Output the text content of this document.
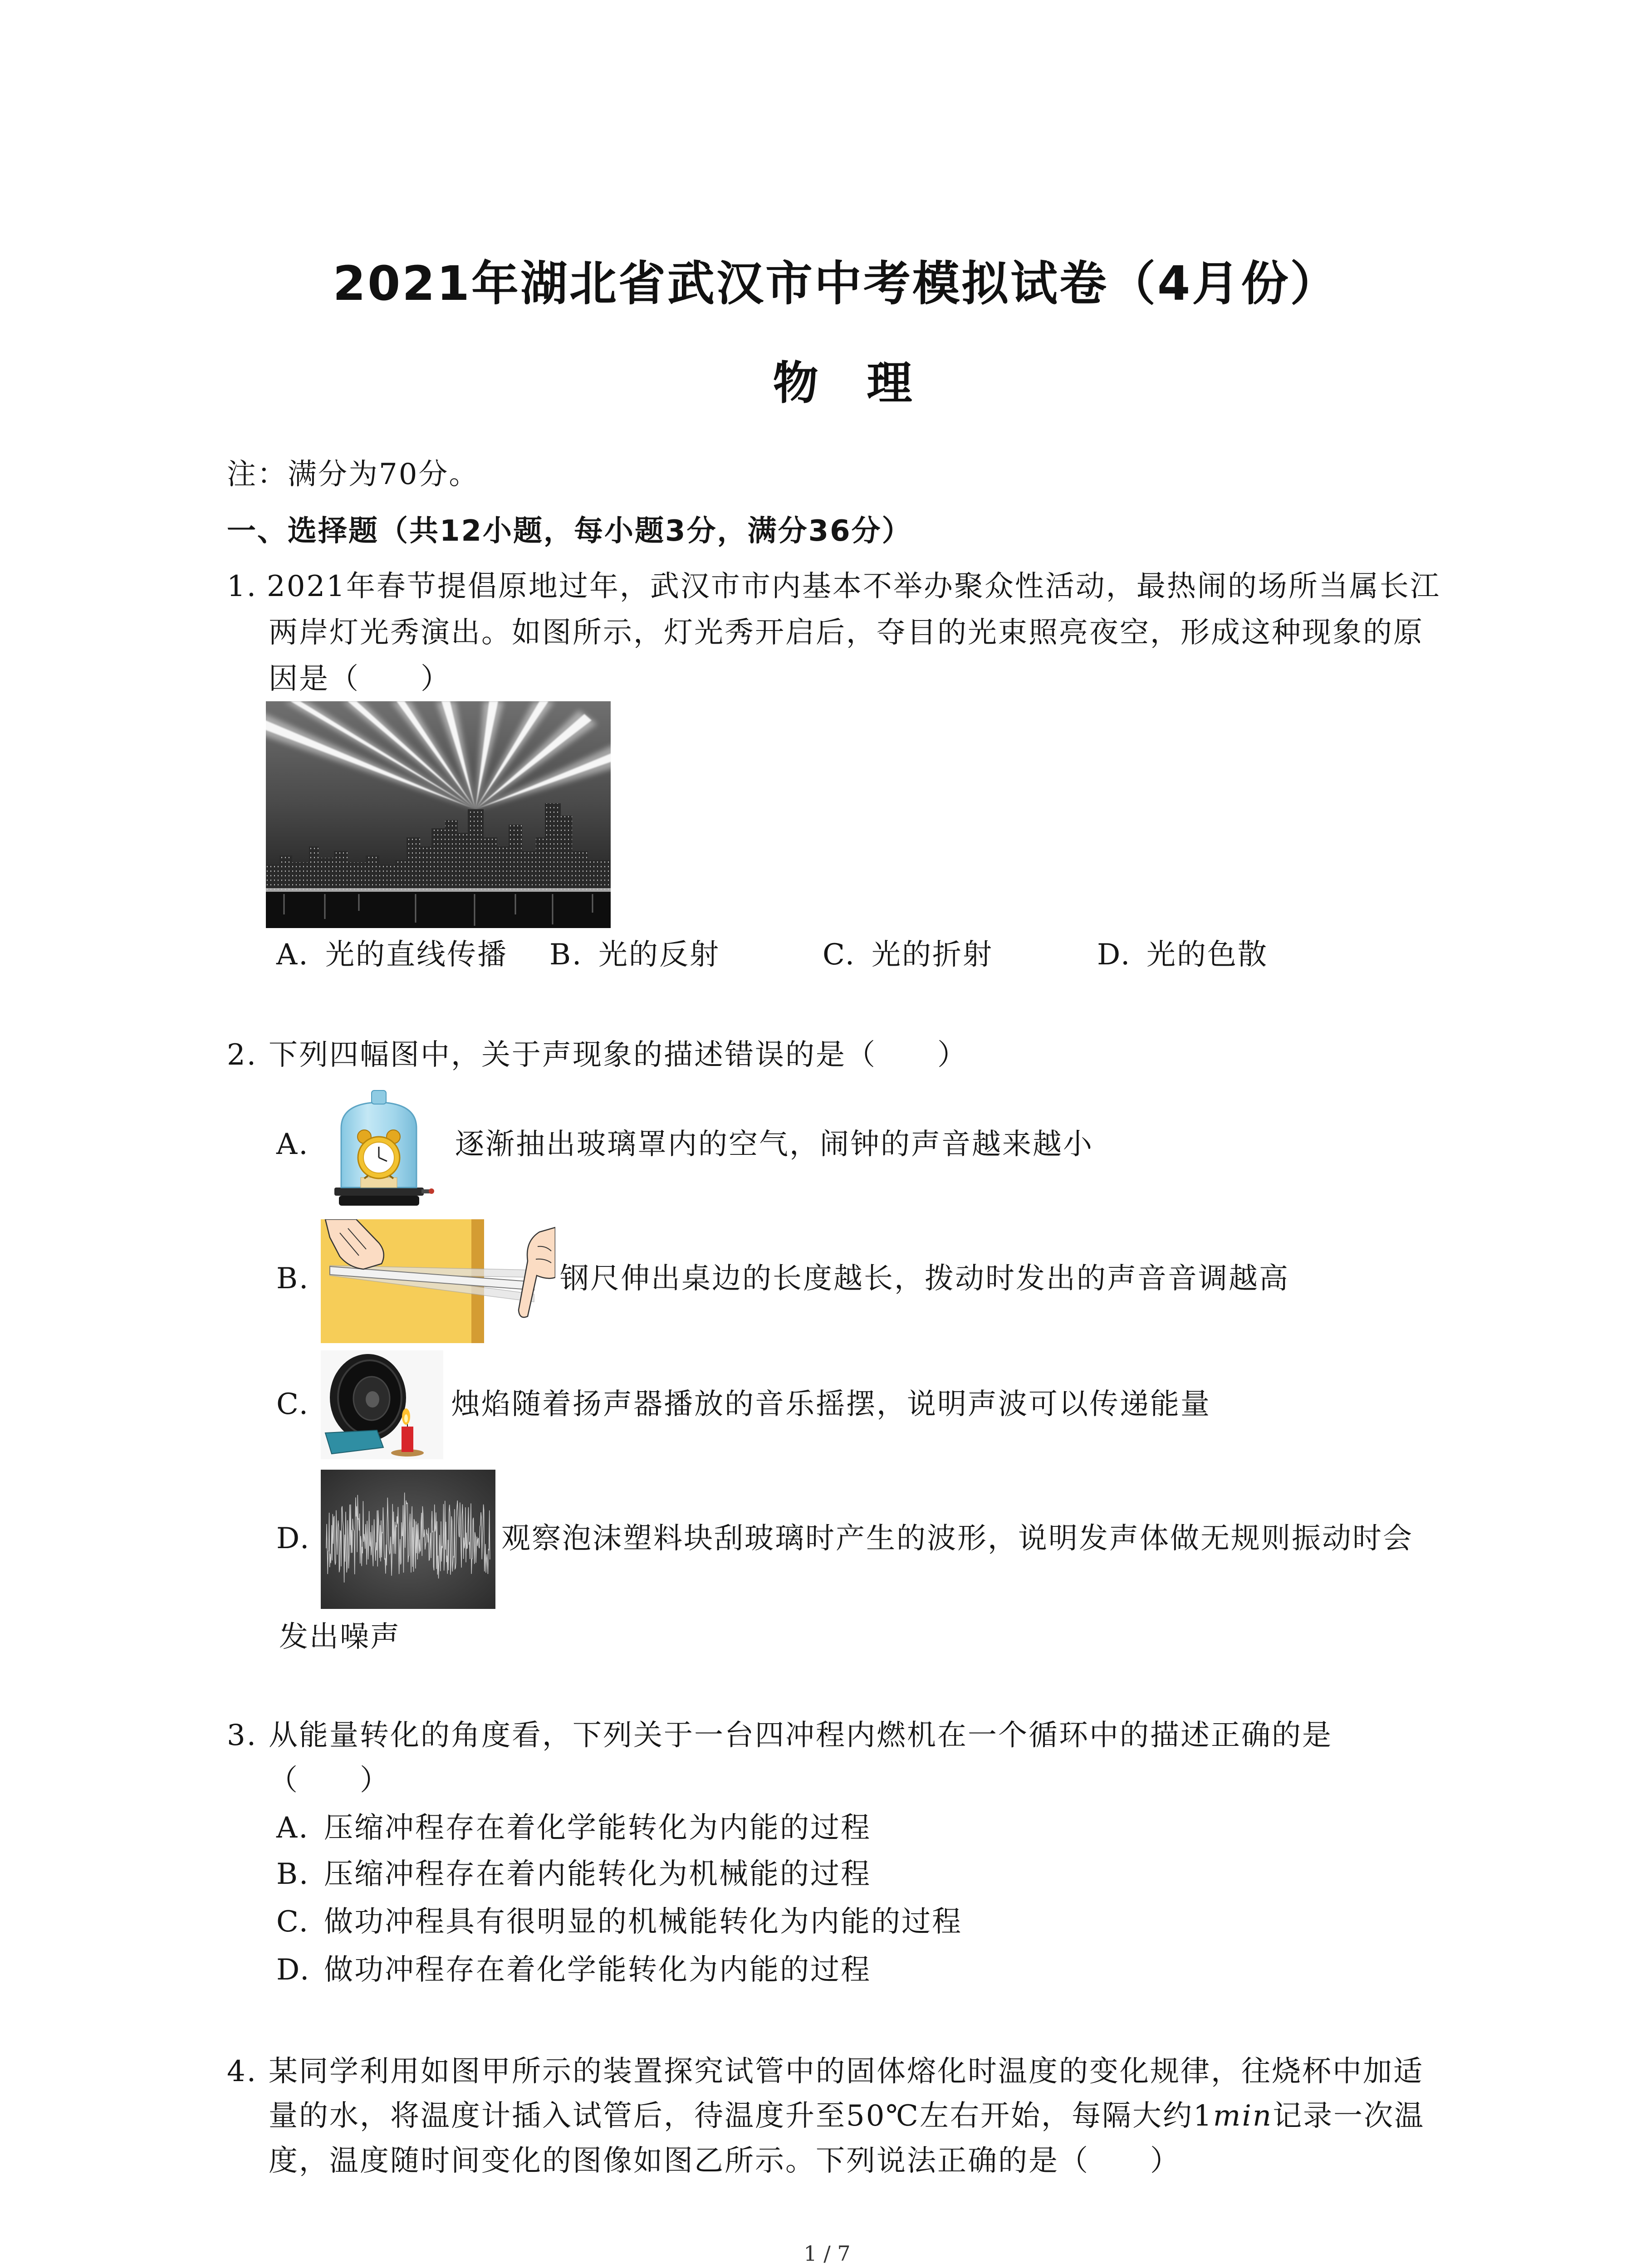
2021年湖北省武汉市中考模拟试卷（4月份）
物 理
注：满分为70分。
一、选择题（共12小题，每小题3分，满分36分）
1. 2021年春节提倡原地过年，武汉市市内基本不举办聚众性活动，最热闹的场所当属长江
两岸灯光秀演出。如图所示，灯光秀开启后，夺目的光束照亮夜空，形成这种现象的原
因是（　　）
A. 光的直线传播 B. 光的反射	C. 光的折射	D. 光的色散
2. 下列四幅图中，关于声现象的描述错误的是（　　）
A.	逐渐抽出玻璃罩内的空气，闹钟的声音越来越小
B.	钢尺伸出桌边的长度越长，拨动时发出的声音音调越高
C.	烛焰随着扬声器播放的音乐摇摆，说明声波可以传递能量
D.	观察泡沫塑料块刮玻璃时产生的波形，说明发声体做无规则振动时会
发出噪声
3. 从能量转化的角度看，下列关于一台四冲程内燃机在一个循环中的描述正确的是
（　　）
A. 压缩冲程存在着化学能转化为内能的过程
B. 压缩冲程存在着内能转化为机械能的过程
C. 做功冲程具有很明显的机械能转化为内能的过程
D. 做功冲程存在着化学能转化为内能的过程
4. 某同学利用如图甲所示的装置探究试管中的固体熔化时温度的变化规律，往烧杯中加适
量的水，将温度计插入试管后，待温度升至50℃左右开始，每隔大约1min记录一次温
度，温度随时间变化的图像如图乙所示。下列说法正确的是（　　）
1 / 7
